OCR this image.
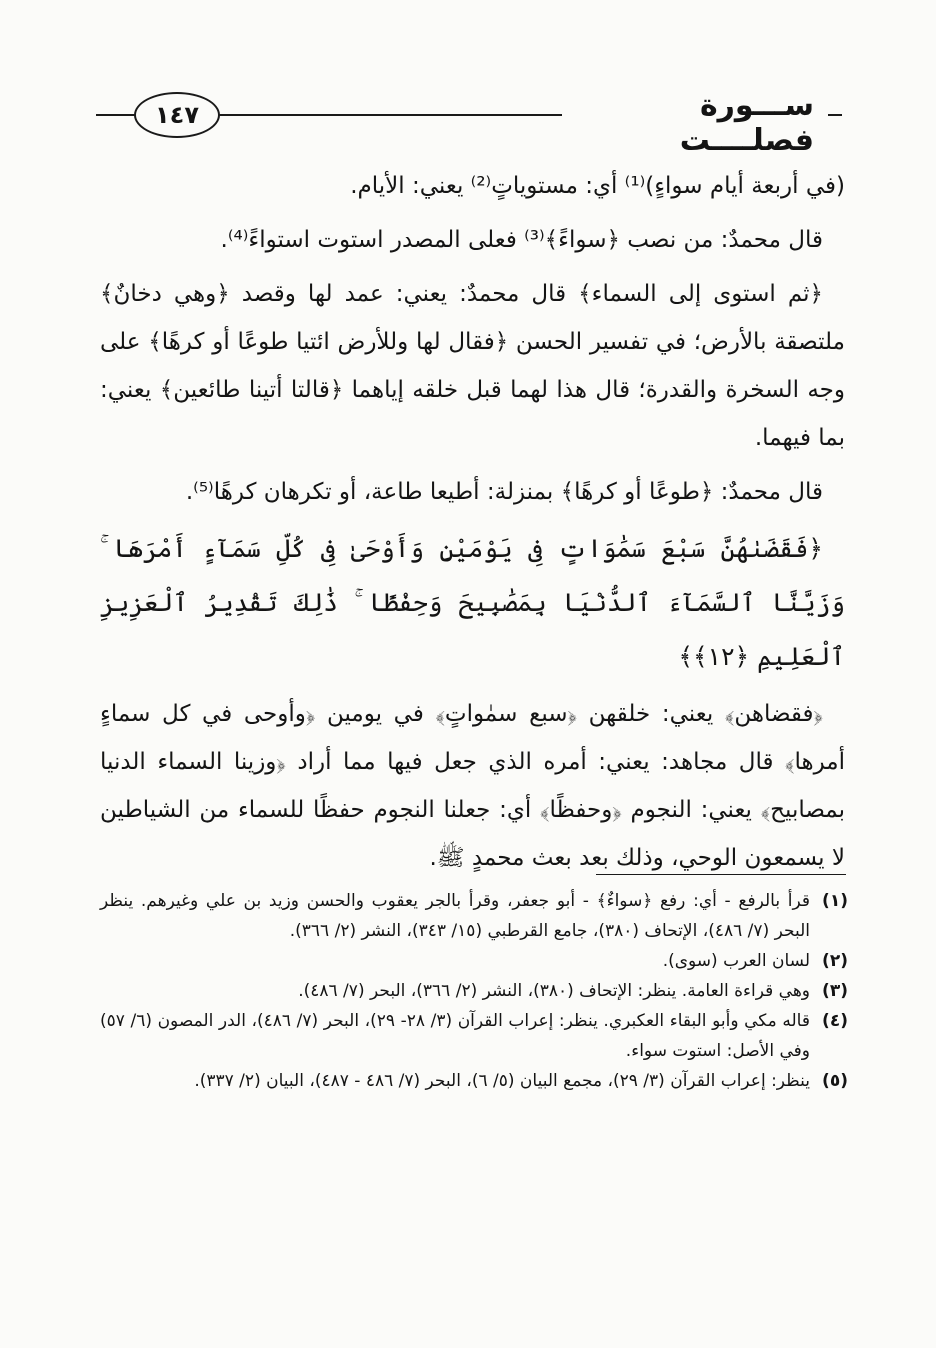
١٤٧	ســـورة فصلــــت

(في أربعة أيام سواءٍ)⁽¹⁾ أي: مستوياتٍ⁽²⁾ يعني: الأيام.

قال محمدٌ: من نصب ﴿سواءً﴾⁽³⁾ فعلى المصدر استوت استواءً⁽⁴⁾.

﴿ثم استوى إلى السماء﴾ قال محمدٌ: يعني: عمد لها وقصد ﴿وهي دخانٌ﴾ ملتصقة بالأرض؛ في تفسير الحسن ﴿فقال لها وللأرض ائتيا طوعًا أو كرهًا﴾ على وجه السخرة والقدرة؛ قال هذا لهما قبل خلقه إياهما ﴿قالتا أتينا طائعين﴾ يعني: بما فيهما.

قال محمدٌ: ﴿طوعًا أو كرهًا﴾ بمنزلة: أطيعا طاعة، أو تكرهان كرهًا⁽⁵⁾.

﴿فَقَضَىٰهُنَّ سَبْعَ سَمَٰوَاتٍ فِى يَوْمَيْنِ وَأَوْحَىٰ فِى كُلِّ سَمَآءٍ أَمْرَهَا ۚ وَزَيَّنَّا ٱلسَّمَآءَ ٱلدُّنْيَا بِمَصَٰبِيحَ وَحِفْظًا ۚ ذَٰلِكَ تَقْدِيرُ ٱلْعَزِيزِ ٱلْعَلِيمِ ﴿١٢﴾﴾

﴿فقضاهن﴾ يعني: خلقهن ﴿سبع سمٰواتٍ﴾ في يومين ﴿وأوحى في كل سماءٍ أمرها﴾ قال مجاهد: يعني: أمره الذي جعل فيها مما أراد ﴿وزينا السماء الدنيا بمصابيح﴾ يعني: النجوم ﴿وحفظًا﴾ أي: جعلنا النجوم حفظًا للسماء من الشياطين لا يسمعون الوحي، وذلك بعد بعث محمدٍ ﷺ.

(١)
قرأ بالرفع - أي: رفع ﴿سواءٌ﴾ - أبو جعفر، وقرأ بالجر يعقوب والحسن وزيد بن علي وغيرهم. ينظر البحر (٧/ ٤٨٦)، الإتحاف (٣٨٠)، جامع القرطبي (١٥/ ٣٤٣)، النشر (٢/ ٣٦٦).
(٢)
لسان العرب (سوى).
(٣)
وهي قراءة العامة. ينظر: الإتحاف (٣٨٠)، النشر (٢/ ٣٦٦)، البحر (٧/ ٤٨٦).
(٤)
قاله مكي وأبو البقاء العكبري. ينظر: إعراب القرآن (٣/ ٢٨- ٢٩)، البحر (٧/ ٤٨٦)، الدر المصون (٦/ ٥٧) وفي الأصل: استوت سواء.
(٥)
ينظر: إعراب القرآن (٣/ ٢٩)، مجمع البيان (٥/ ٦)، البحر (٧/ ٤٨٦ - ٤٨٧)، البيان (٢/ ٣٣٧).
